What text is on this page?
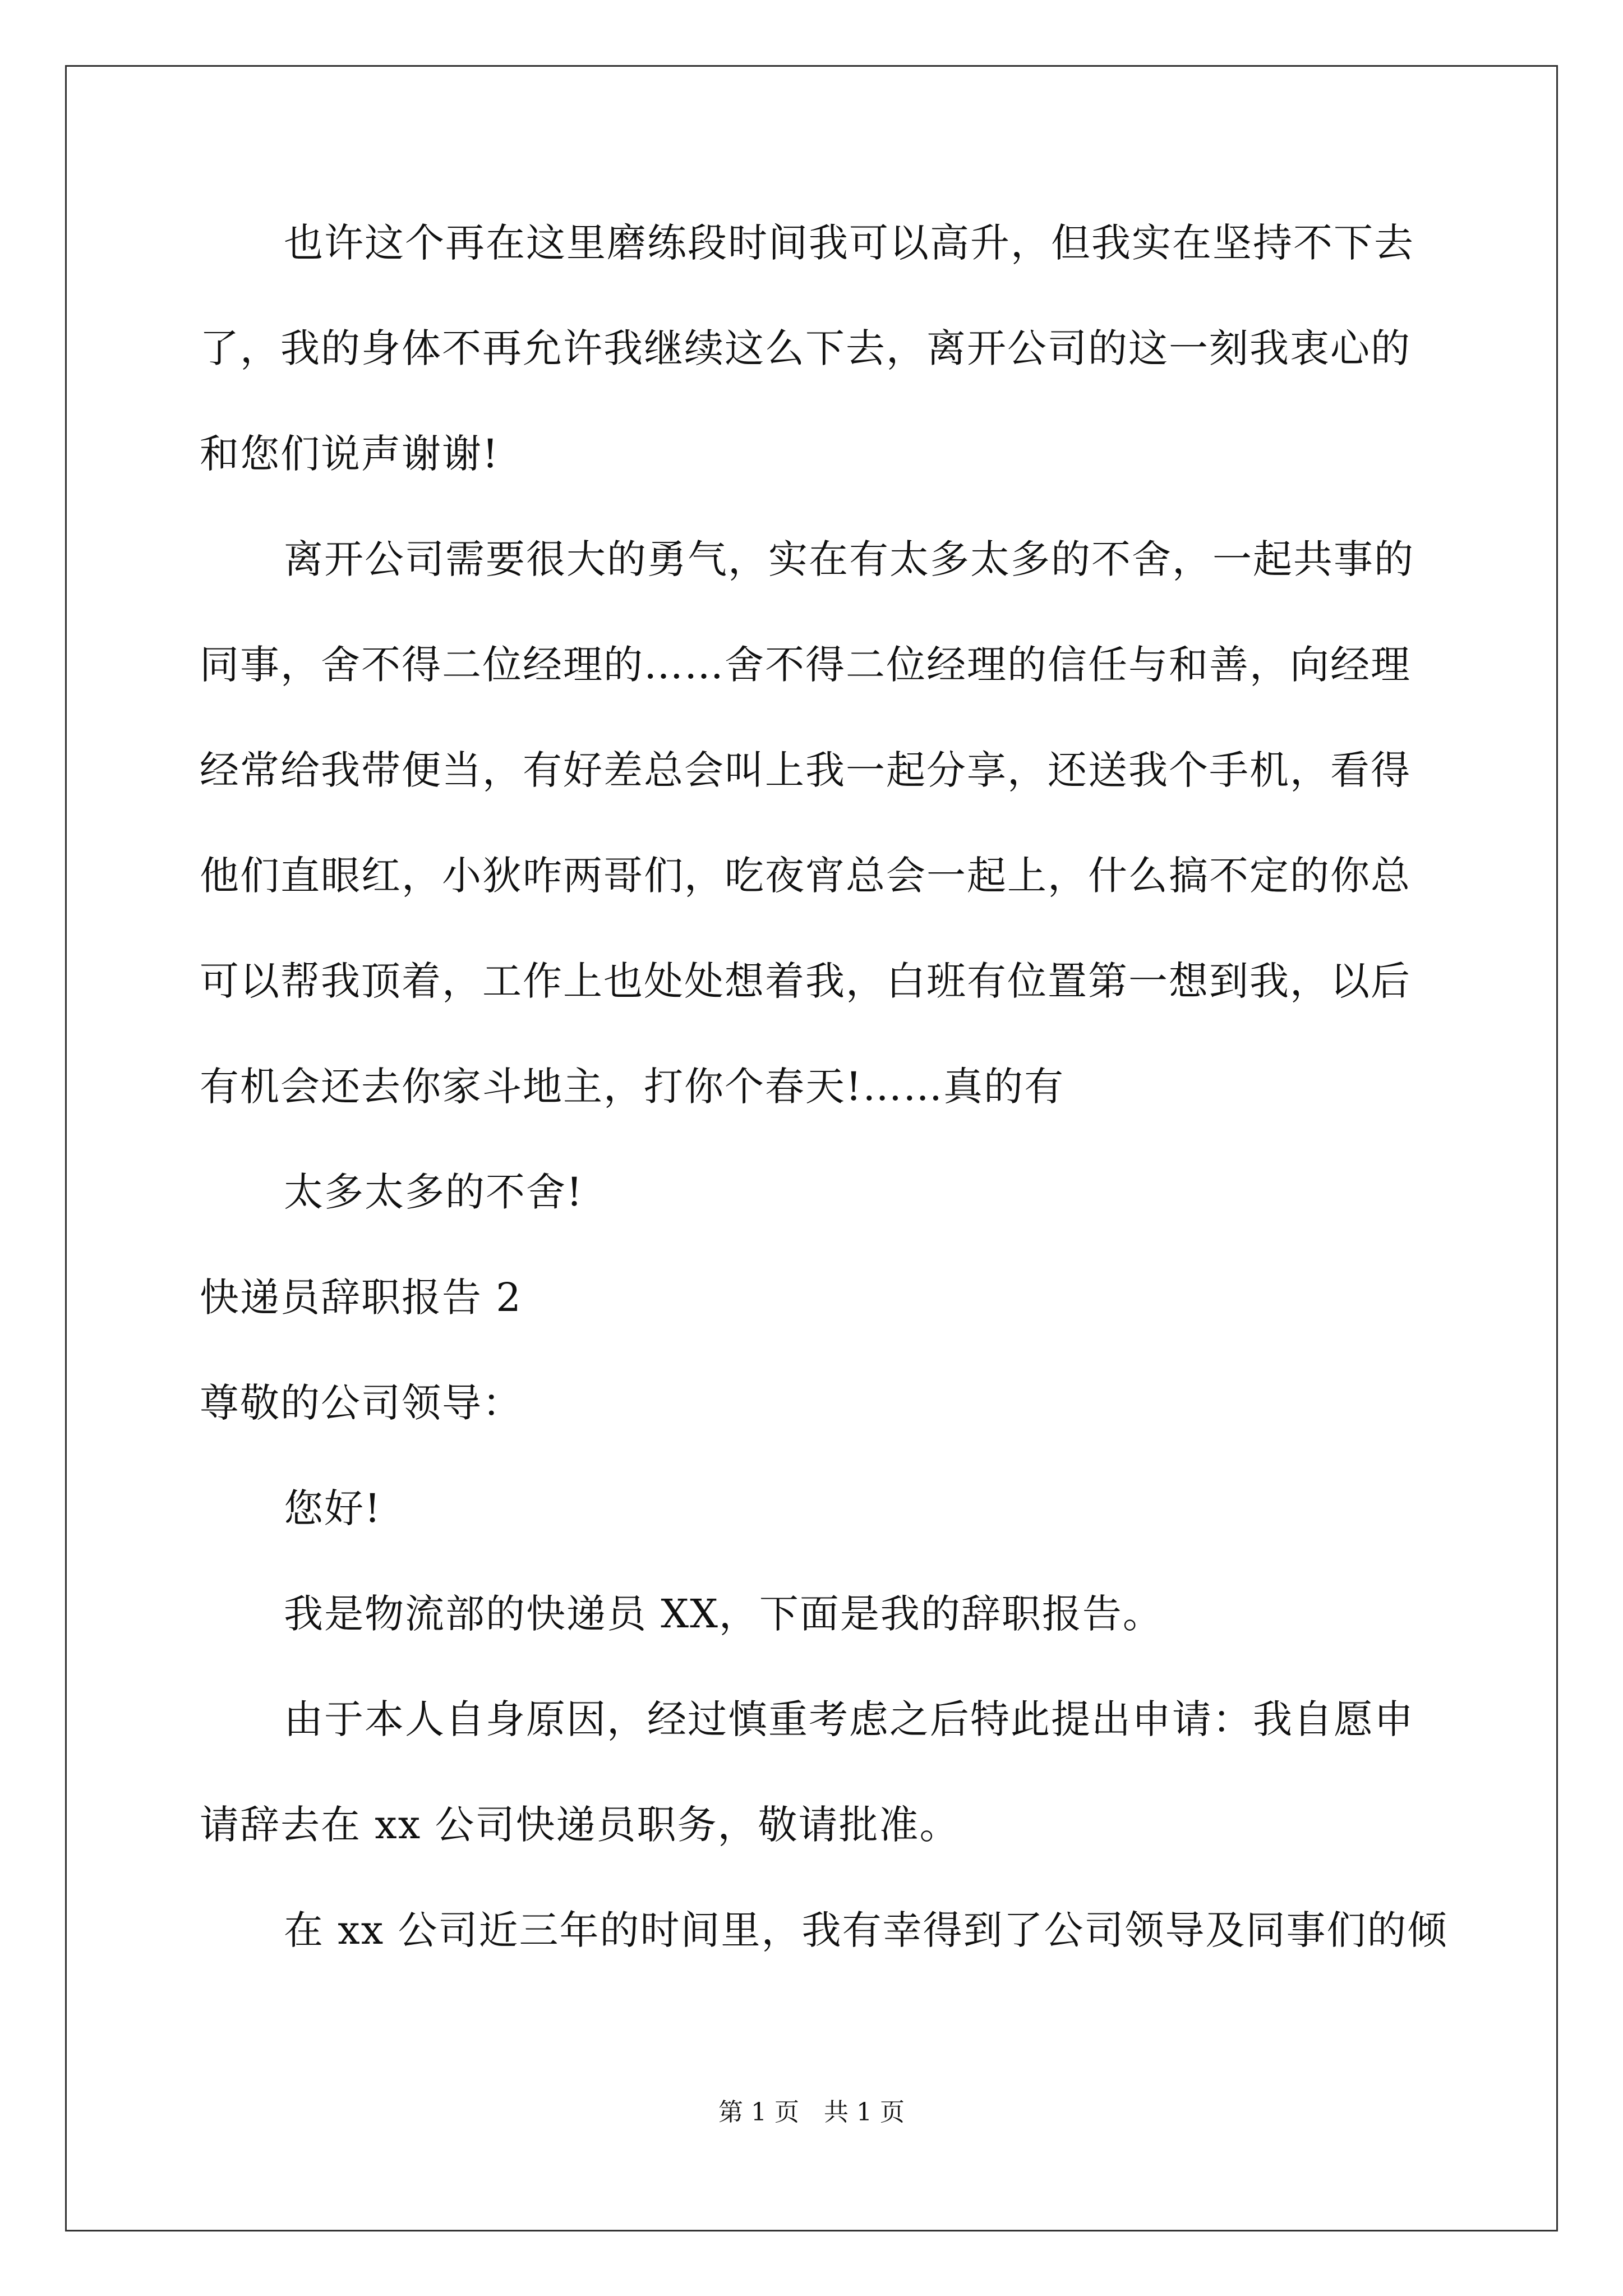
也许这个再在这里磨练段时间我可以高升，但我实在坚持不下去
了，我的身体不再允许我继续这么下去，离开公司的这一刻我衷心的
和您们说声谢谢!
离开公司需要很大的勇气，实在有太多太多的不舍，一起共事的
同事，舍不得二位经理的……舍不得二位经理的信任与和善，向经理
经常给我带便当，有好差总会叫上我一起分享，还送我个手机，看得
他们直眼红，小狄咋两哥们，吃夜宵总会一起上，什么搞不定的你总
可以帮我顶着，工作上也处处想着我，白班有位置第一想到我，以后
有机会还去你家斗地主，打你个春天!……真的有
太多太多的不舍!
快递员辞职报告 2
尊敬的公司领导：
您好!
我是物流部的快递员 XX，下面是我的辞职报告。
由于本人自身原因，经过慎重考虑之后特此提出申请：我自愿申
请辞去在 xx 公司快递员职务，敬请批准。
在 xx 公司近三年的时间里，我有幸得到了公司领导及同事们的倾
第 1 页　共 1 页
